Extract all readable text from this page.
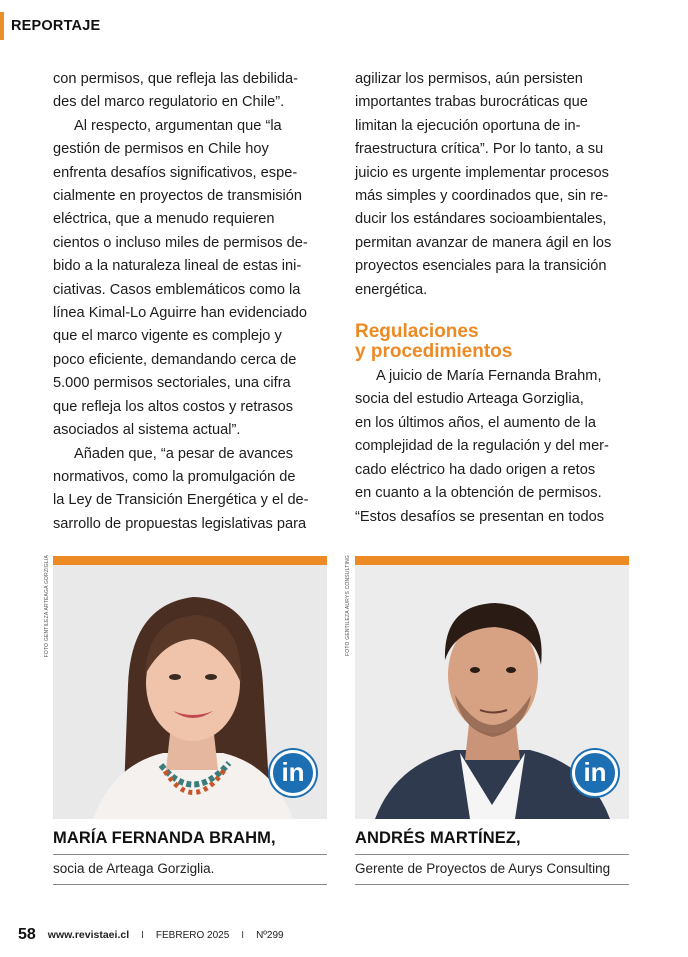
REPORTAJE
con permisos, que refleja las debilida-
des del marco regulatorio en Chile”.
Al respecto, argumentan que “la
gestión de permisos en Chile hoy
enfrenta desafíos significativos, espe-
cialmente en proyectos de transmisión
eléctrica, que a menudo requieren
cientos o incluso miles de permisos de-
bido a la naturaleza lineal de estas ini-
ciativas. Casos emblemáticos como la
línea Kimal-Lo Aguirre han evidenciado
que el marco vigente es complejo y
poco eficiente, demandando cerca de
5.000 permisos sectoriales, una cifra
que refleja los altos costos y retrasos
asociados al sistema actual”.
Añaden que, “a pesar de avances
normativos, como la promulgación de
la Ley de Transición Energética y el de-
sarrollo de propuestas legislativas para
agilizar los permisos, aún persisten
importantes trabas burocráticas que
limitan la ejecución oportuna de in-
fraestructura crítica”. Por lo tanto, a su
juicio es urgente implementar procesos
más simples y coordinados que, sin re-
ducir los estándares socioambientales,
permitan avanzar de manera ágil en los
proyectos esenciales para la transición
energética.
Regulaciones
y procedimientos
A juicio de María Fernanda Brahm,
socia del estudio Arteaga Gorziglia,
en los últimos años, el aumento de la
complejidad de la regulación y del mer-
cado eléctrico ha dado origen a retos
en cuanto a la obtención de permisos.
“Estos desafíos se presentan en todos
FOTO GENTILEZA ARTEAGA GORZIGLIA	FOTO GENTILEZA AURYS CONSULTING
in
MARÍA FERNANDA BRAHM,
socia de Arteaga Gorziglia.
in
ANDRÉS MARTÍNEZ,
Gerente de Proyectos de Aurys Consulting
58 www.revistaei.cl I FEBRERO 2025 I Nº299
